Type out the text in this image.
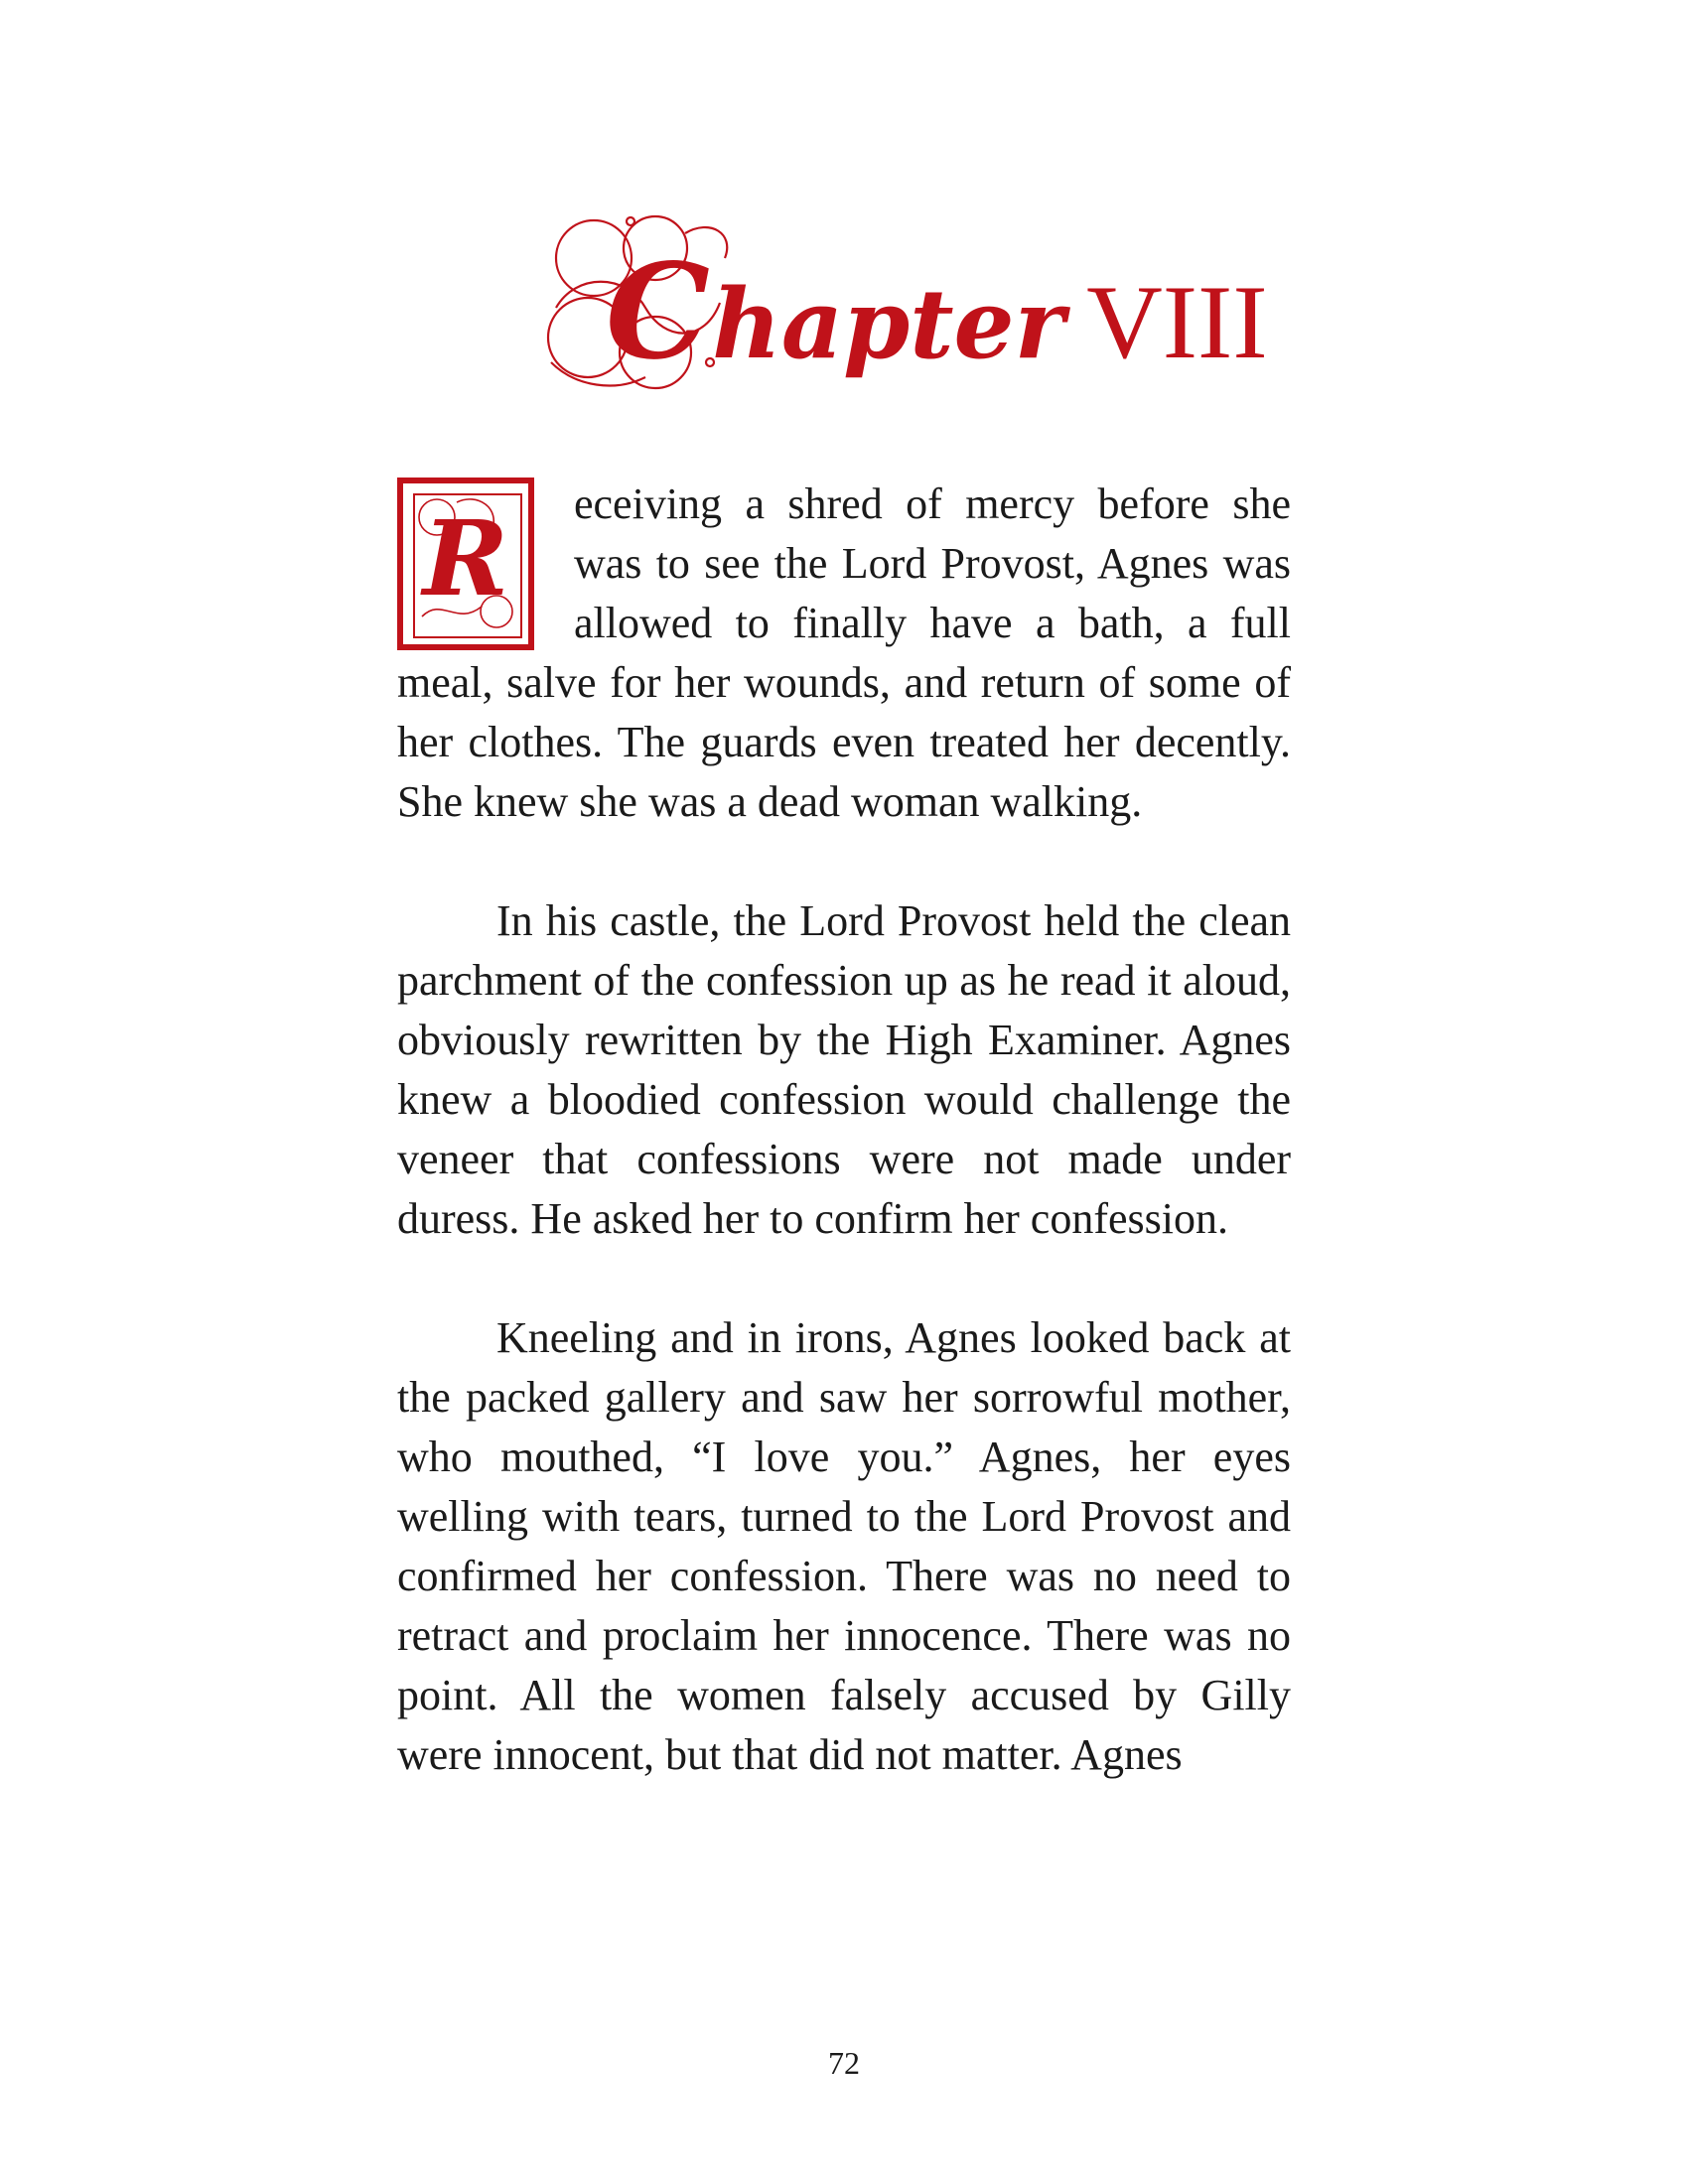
Chapter VIII

R	eceiving a shred of mercy before she was to see the Lord Provost, Agnes was allowed to finally have a bath, a full meal, salve for her wounds, and return of some of her clothes. The guards even treated her decently. She knew she was a dead woman walking.

In his castle, the Lord Provost held the clean parchment of the confession up as he read it aloud, obviously rewritten by the High Examiner. Agnes knew a bloodied confession would challenge the veneer that confessions were not made under duress. He asked her to confirm her confession.

Kneeling and in irons, Agnes looked back at the packed gallery and saw her sorrowful mother, who mouthed, “I love you.” Agnes, her eyes welling with tears, turned to the Lord Provost and confirmed her confession. There was no need to retract and proclaim her innocence. There was no point. All the women falsely accused by Gilly were innocent, but that did not matter. Agnes

72
